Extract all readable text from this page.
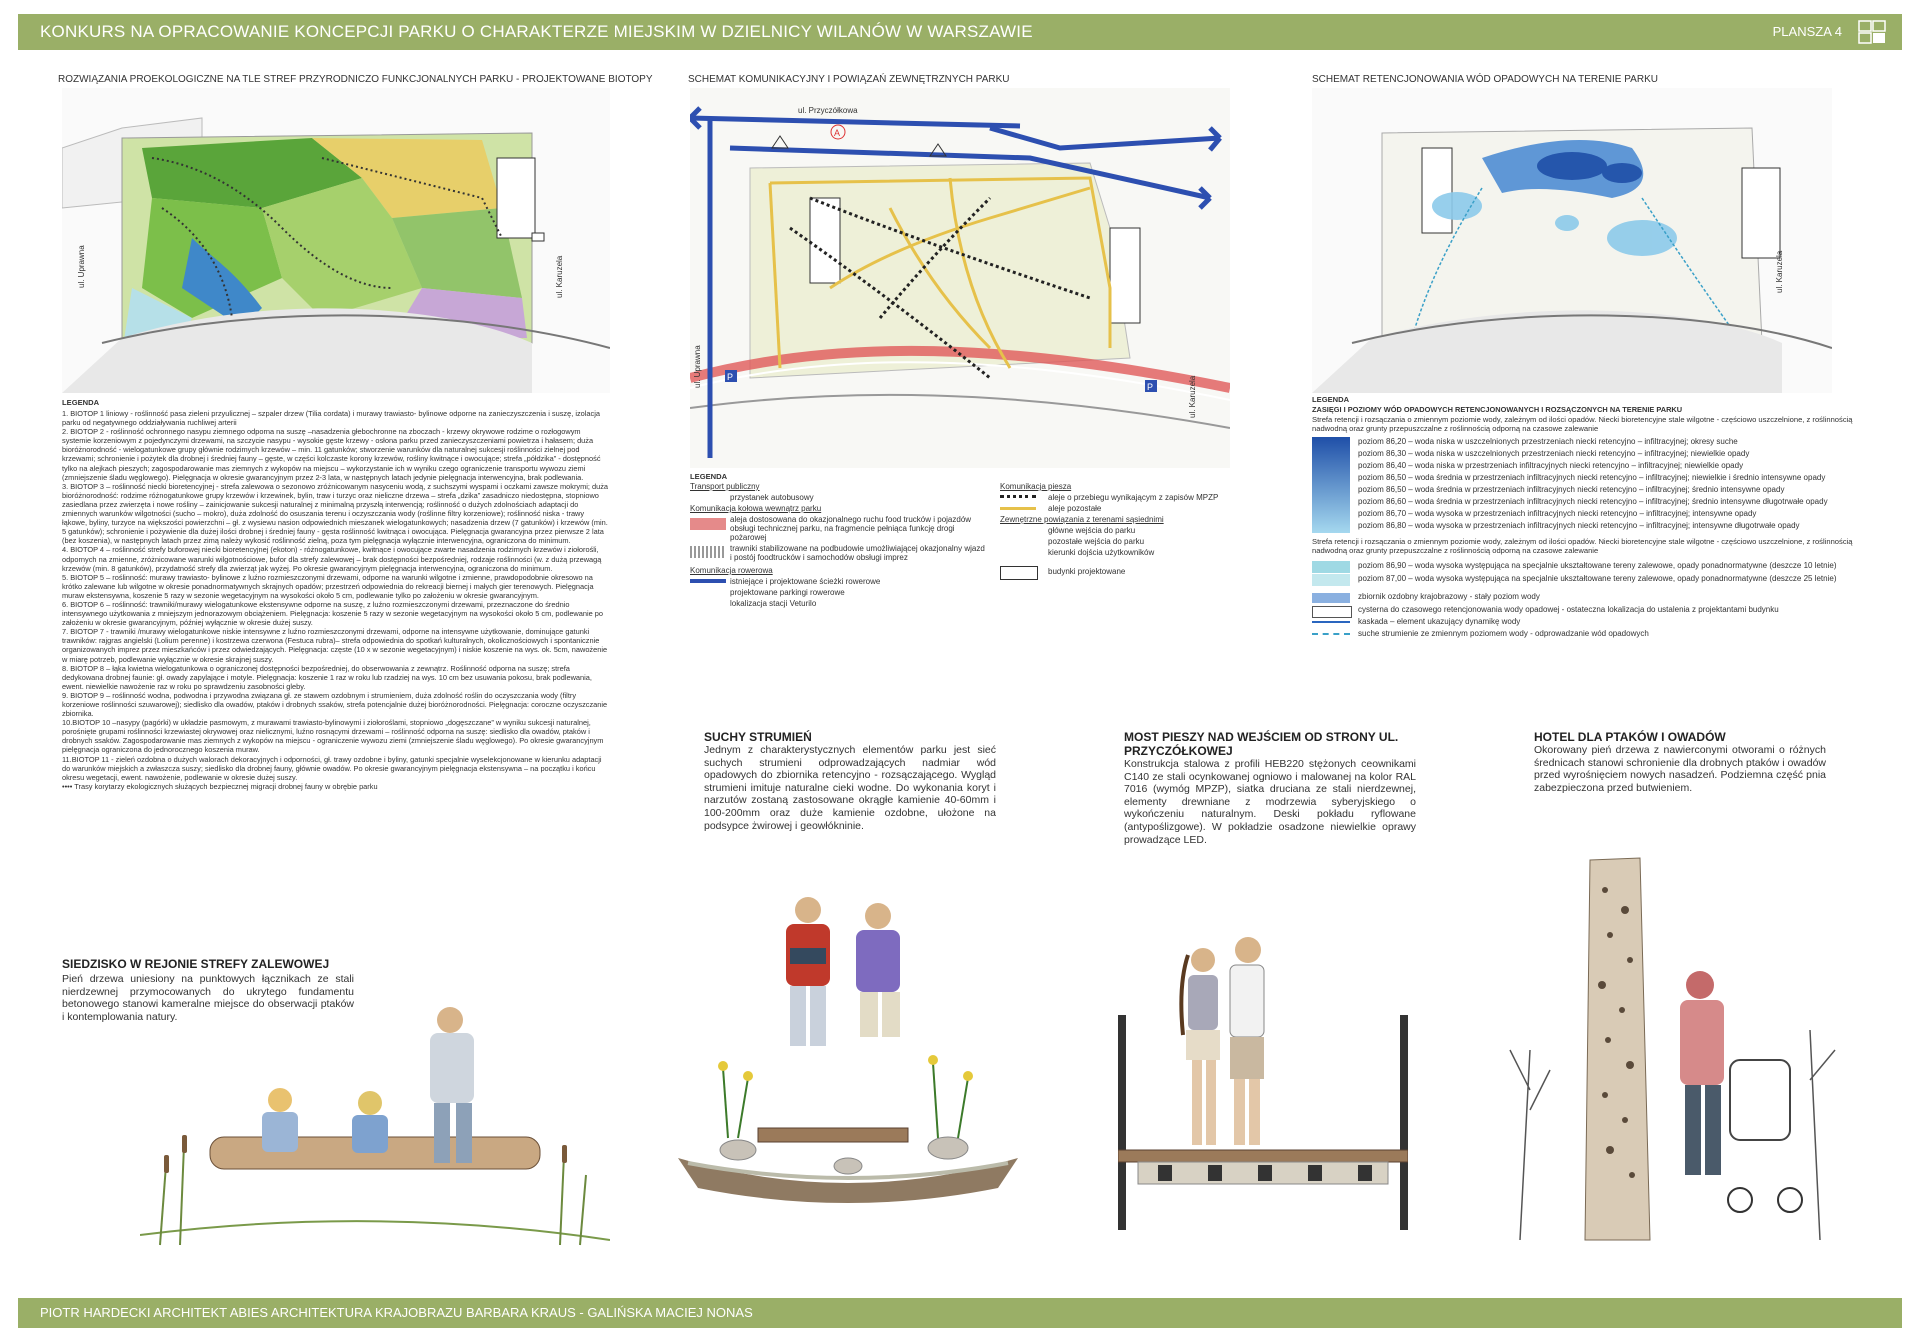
KONKURS NA OPRACOWANIE KONCEPCJI PARKU O CHARAKTERZE MIEJSKIM W DZIELNICY WILANÓW W WARSZAWIE	PLANSZA 4
ROZWIĄZANIA PROEKOLOGICZNE NA TLE STREF PRZYRODNICZO FUNKCJONALNYCH PARKU - PROJEKTOWANE BIOTOPY
ul. Uprawna	ul. Karuzela
LEGENDA
1. BIOTOP 1 liniowy - roślinność pasa zieleni przyulicznej – szpaler drzew (Tilia cordata) i murawy trawiasto- bylinowe odporne na zanieczyszczenia i suszę, izolacja parku od negatywnego oddziaływania ruchliwej arterii
2. BIOTOP 2 - roślinność ochronnego nasypu ziemnego odporna na suszę –nasadzenia głebochronne na zboczach - krzewy okrywowe rodzime o rozłogowym systemie korzeniowym z pojedynczymi drzewami, na szczycie nasypu - wysokie gęste krzewy - osłona parku przed zanieczyszczeniami powietrza i hałasem; duża bioróżnorodność - wielogatunkowe grupy głównie rodzimych krzewów – min. 11 gatunków; stworzenie warunków dla naturalnej sukcesji roślinności zielnej pod krzewami; schronienie i pożytek dla drobnej i średniej fauny – gęste, w części kolczaste korony krzewów, rośliny kwitnące i owocujące; strefa „półdzika” - dostępność tylko na alejkach pieszych; zagospodarowanie mas ziemnych z wykopów na miejscu – wykorzystanie ich w wyniku czego ograniczenie transportu wywozu ziemi (zmniejszenie śladu węglowego). Pielęgnacja w okresie gwarancyjnym przez 2-3 lata, w następnych latach jedynie pielęgnacja interwencyjna, brak podlewania.
3. BIOTOP 3 – roślinność niecki bioretencyjnej - strefa zalewowa o sezonowo zróżnicowanym nasyceniu wodą, z suchszymi wyspami i oczkami zawsze mokrymi; duża bioróżnorodność: rodzime różnogatunkowe grupy krzewów i krzewinek, bylin, traw i turzyc oraz nieliczne drzewa – strefa „dzika” zasadniczo niedostępna, stopniowo zasiedlana przez zwierzęta i nowe rośliny – zainicjowanie sukcesji naturalnej z minimalną przyszłą interwencją; roślinność o dużych zdolnościach adaptacji do zmiennych warunków wilgotności (sucho – mokro), duża zdolność do osuszania terenu i oczyszczania wody (roślinne filtry korzeniowe); roślinność niska - trawy łąkowe, byliny, turzyce na większości powierzchni – gł. z wysiewu nasion odpowiednich mieszanek wielogatunkowych; nasadzenia drzew (7 gatunków) i krzewów (min. 5 gatunków); schronienie i pożywienie dla dużej ilości drobnej i średniej fauny - gęsta roślinność kwitnąca i owocująca. Pielęgnacja gwarancyjna przez pierwsze 2 lata (bez koszenia), w następnych latach przez zimą należy wykosić roślinność zielną, poza tym pielęgnacja wyłącznie interwencyjna, ograniczona do minimum.
4. BIOTOP 4 – roślinność strefy buforowej niecki bioretencyjnej (ekoton) - różnogatunkowe, kwitnące i owocujące zwarte nasadzenia rodzimych krzewów i ziołorośli, odpornych na zmienne, zróżnicowane warunki wilgotnościowe, bufor dla strefy zalewowej – brak dostępności bezpośredniej, rodzaje roślinności (w. z dużą przewagą krzewów (min. 8 gatunków), przydatność strefy dla zwierząt jak wyżej. Po okresie gwarancyjnym pielęgnacja interwencyjna, ograniczona do minimum.
5. BIOTOP 5 – roślinność: murawy trawiasto- bylinowe z luźno rozmieszczonymi drzewami, odporne na warunki wilgotne i zmienne, prawdopodobnie okresowo na krótko zalewane lub wilgotne w okresie ponadnormatywnych skrajnych opadów; przestrzeń odpowiednia do rekreacji biernej i małych gier terenowych. Pielęgnacja muraw ekstensywna, koszenie 5 razy w sezonie wegetacyjnym na wysokości około 5 cm, podlewanie tylko po założeniu w okresie gwarancyjnym.
6. BIOTOP 6 – roślinność: trawniki/murawy wielogatunkowe ekstensywne odporne na suszę, z luźno rozmieszczonymi drzewami, przeznaczone do średnio intensywnego użytkowania z mniejszym jednorazowym obciążeniem. Pielęgnacja: koszenie 5 razy w sezonie wegetacyjnym na wysokości około 5 cm, podlewanie po założeniu w okresie gwarancyjnym, później wyłącznie w okresie dużej suszy.
7. BIOTOP 7 - trawniki /murawy wielogatunkowe niskie intensywne z luźno rozmieszczonymi drzewami, odporne na intensywne użytkowanie, dominujące gatunki trawników: rajgras angielski (Lolium perenne) i kostrzewa czerwona (Festuca rubra)– strefa odpowiednia do spotkań kulturalnych, okolicznościowych i spontanicznie organizowanych imprez przez mieszkańców i przez odwiedzających. Pielęgnacja: częste (10 x w sezonie wegetacyjnym) i niskie koszenie na wys. ok. 5cm, nawożenie w miarę potrzeb, podlewanie wyłącznie w okresie skrajnej suszy.
8. BIOTOP 8 – łąka kwietna wielogatunkowa o ograniczonej dostępności bezpośredniej, do obserwowania z zewnątrz. Roślinność odporna na suszę; strefa dedykowana drobnej faunie: gł. owady zapylające i motyle. Pielęgnacja: koszenie 1 raz w roku lub rzadziej na wys. 10 cm bez usuwania pokosu, brak podlewania, ewent. niewielkie nawożenie raz w roku po sprawdzeniu zasobności gleby.
9. BIOTOP 9 – roślinność wodna, podwodna i przywodna związana gł. ze stawem ozdobnym i strumieniem, duża zdolność roślin do oczyszczania wody (filtry korzeniowe roślinności szuwarowej); siedlisko dla owadów, ptaków i drobnych ssaków, strefa potencjalnie dużej bioróżnorodności. Pielęgnacja: coroczne oczyszczanie zbiornika.
10.BIOTOP 10 –nasypy (pagórki) w układzie pasmowym, z murawami trawiasto-bylinowymi i ziołoroślami, stopniowo „dogęszczane” w wyniku sukcesji naturalnej, porośnięte grupami roślinności krzewiastej okrywowej oraz nielicznymi, luźno rosnącymi drzewami – roślinność odporna na suszę: siedlisko dla owadów, ptaków i drobnych ssaków. Zagospodarowanie mas ziemnych z wykopów na miejscu - ograniczenie wywozu ziemi (zmniejszenie śladu węglowego). Po okresie gwarancyjnym pielęgnacja ograniczona do jednorocznego koszenia muraw.
11.BIOTOP 11 - zieleń ozdobna o dużych walorach dekoracyjnych i odporności, gł. trawy ozdobne i byliny, gatunki specjalnie wyselekcjonowane w kierunku adaptacji do warunków miejskich a zwłaszcza suszy; siedlisko dla drobnej fauny, głównie owadów. Po okresie gwarancyjnym pielęgnacja ekstensywna – na początku i końcu okresu wegetacji, ewent. nawożenie, podlewanie w okresie dużej suszy.
•••• Trasy korytarzy ekologicznych służących bezpiecznej migracji drobnej fauny w obrębie parku
SIEDZISKO W REJONIE STREFY ZALEWOWEJ
Pień drzewa uniesiony na punktowych łącznikach ze stali nierdzewnej przymocowanych do ukrytego fundamentu betonowego stanowi kameralne miejsce do obserwacji ptaków i kontemplowania natury.
SCHEMAT KOMUNIKACYJNY I POWIĄZAŃ ZEWNĘTRZNYCH PARKU
A
P
P
ul. Przyczółkowa
ul. Uprawna
ul. Karuzela
LEGENDA
Transport publiczny
przystanek autobusowy
Komunikacja kołowa wewnątrz parku
aleja dostosowana do okazjonalnego ruchu food trucków i pojazdów obsługi technicznej parku, na fragmencie pełniąca funkcję drogi pożarowej
trawniki stabilizowane na podbudowie umożliwiającej okazjonalny wjazd i postój foodtrucków i samochodów obsługi imprez
Komunikacja rowerowa
istniejące i projektowane ścieżki rowerowe
projektowane parkingi rowerowe
lokalizacja stacji Veturilo
Komunikacja piesza
aleje o przebiegu wynikającym z zapisów MPZP
aleje pozostałe
Zewnętrzne powiązania z terenami sąsiednimi
główne wejścia do parku
pozostałe wejścia do parku
kierunki dojścia użytkowników
budynki projektowane
SUCHY STRUMIEŃ
Jednym z charakterystycznych elementów parku jest sieć suchych strumieni odprowadzających nadmiar wód opadowych do zbiornika retencyjno - rozsączającego. Wygląd strumieni imituje naturalne cieki wodne. Do wykonania koryt i narzutów zostaną zastosowane okrągłe kamienie 40-60mm i 100-200mm oraz duże kamienie ozdobne, ułożone na podsypce żwirowej i geowłókninie.
SCHEMAT RETENCJONOWANIA WÓD OPADOWYCH NA TERENIE PARKU
ul. Karuzela
LEGENDA
ZASIĘGI I POZIOMY WÓD OPADOWYCH RETENCJONOWANYCH I ROZSĄCZONYCH NA TERENIE PARKU
Strefa retencji i rozsączania o zmiennym poziomie wody, zależnym od ilości opadów. Niecki bioretencyjne stale wilgotne - częściowo uszczelnione, z roślinnością nadwodną oraz grunty przepuszczalne z roślinnością odporną na czasowe zalewanie
poziom 86,20 – woda niska w uszczelnionych przestrzeniach niecki retencyjno – infiltracyjnej; okresy suche
poziom 86,30 – woda niska w uszczelnionych przestrzeniach niecki retencyjno – infiltracyjnej; niewielkie opady
poziom 86,40 – woda niska w przestrzeniach infiltracyjnych niecki retencyjno – infiltracyjnej; niewielkie opady
poziom 86,50 – woda średnia w przestrzeniach infiltracyjnych niecki retencyjno – infiltracyjnej; niewielkie i średnio intensywne opady
poziom 86,50 – woda średnia w przestrzeniach infiltracyjnych niecki retencyjno – infiltracyjnej; średnio intensywne opady
poziom 86,60 – woda średnia w przestrzeniach infiltracyjnych niecki retencyjno – infiltracyjnej; średnio intensywne długotrwałe opady
poziom 86,70 – woda wysoka w przestrzeniach infiltracyjnych niecki retencyjno – infiltracyjnej; intensywne opady
poziom 86,80 – woda wysoka w przestrzeniach infiltracyjnych niecki retencyjno – infiltracyjnej; intensywne długotrwałe opady
Strefa retencji i rozsączania o zmiennym poziomie wody, zależnym od ilości opadów. Niecki bioretencyjne stale wilgotne - częściowo uszczelnione, z roślinnością nadwodną oraz grunty przepuszczalne z roślinnością odporną na czasowe zalewanie
poziom 86,90 – woda wysoka występująca na specjalnie ukształtowane tereny zalewowe, opady ponadnormatywne (deszcze 10 letnie)
poziom 87,00 – woda wysoka występująca na specjalnie ukształtowane tereny zalewowe, opady ponadnormatywne (deszcze 25 letnie)
zbiornik ozdobny krajobrazowy - stały poziom wody
cysterna do czasowego retencjonowania wody opadowej - ostateczna lokalizacja do ustalenia z projektantami budynku
kaskada – element ukazujący dynamikę wody
suche strumienie ze zmiennym poziomem wody - odprowadzanie wód opadowych
MOST PIESZY NAD WEJŚCIEM OD STRONY UL. PRZYCZÓŁKOWEJ
Konstrukcja stalowa z profili HEB220 stężonych ceownikami C140 ze stali ocynkowanej ogniowo i malowanej na kolor RAL 7016 (wymóg MPZP), siatka druciana ze stali nierdzewnej, elementy drewniane z modrzewia syberyjskiego o wykończeniu naturalnym. Deski pokładu ryflowane (antypoślizgowe). W pokładzie osadzone niewielkie oprawy prowadzące LED.
HOTEL DLA PTAKÓW I OWADÓW
Okorowany pień drzewa z nawierconymi otworami o różnych średnicach stanowi schronienie dla drobnych ptaków i owadów przed wyrośnięciem nowych nasadzeń. Podziemna część pnia zabezpieczona przed butwieniem.
PIOTR HARDECKI ARCHITEKT ABIES ARCHITEKTURA KRAJOBRAZU BARBARA KRAUS - GALIŃSKA MACIEJ NONAS
